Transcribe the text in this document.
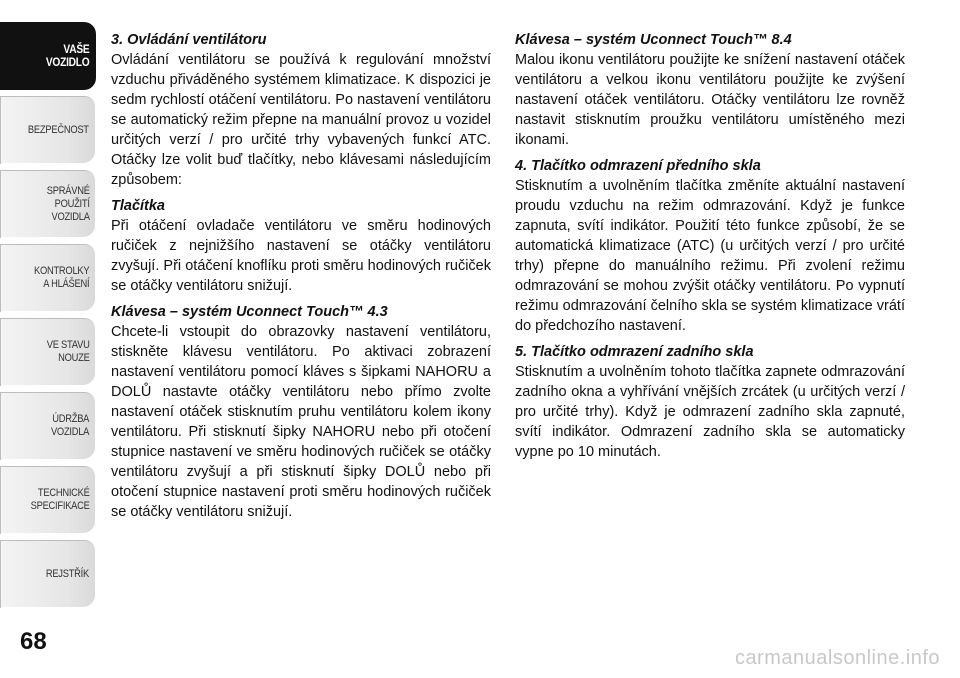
VAŠE
VOZIDLO
BEZPEČNOST
SPRÁVNÉ
POUŽITÍ
VOZIDLA
KONTROLKY
A HLÁŠENÍ
VE STAVU
NOUZE
ÚDRŽBA
VOZIDLA
TECHNICKÉ
SPECIFIKACE
REJSTŘÍK
68

3. Ovládání ventilátoru

Ovládání ventilátoru se používá k regulování množství vzduchu přiváděného systémem klimatizace. K dispozici je sedm rychlostí otáčení ventilátoru. Po nastavení ventilátoru se automatický režim přepne na manuální provoz u vozidel určitých verzí / pro určité trhy vybavených funkcí ATC. Otáčky lze volit buď tlačítky, nebo klávesami následujícím způsobem:

Tlačítka

Při otáčení ovladače ventilátoru ve směru hodinových ručiček z nejnižšího nastavení se otáčky ventilátoru zvyšují. Při otáčení knoflíku proti směru hodinových ručiček se otáčky ventilátoru snižují.

Klávesa – systém Uconnect Touch™ 4.3

Chcete-li vstoupit do obrazovky nastavení ventilátoru, stiskněte klávesu ventilátoru. Po aktivaci zobrazení nastavení ventilátoru pomocí kláves s šipkami NAHORU a DOLŮ nastavte otáčky ventilátoru nebo přímo zvolte nastavení otáček stisknutím pruhu ventilátoru kolem ikony ventilátoru. Při stisknutí šipky NAHORU nebo při otočení stupnice nastavení ve směru hodinových ručiček se otáčky ventilátoru zvyšují a při stisknutí šipky DOLŮ nebo při otočení stupnice nastavení proti směru hodinových ručiček se otáčky ventilátoru snižují.

Klávesa – systém Uconnect Touch™ 8.4

Malou ikonu ventilátoru použijte ke snížení nastavení otáček ventilátoru a velkou ikonu ventilátoru použijte ke zvýšení nastavení otáček ventilátoru. Otáčky ventilátoru lze rovněž nastavit stisknutím proužku ventilátoru umístěného mezi ikonami.

4. Tlačítko odmrazení předního skla

Stisknutím a uvolněním tlačítka změníte aktuální nastavení proudu vzduchu na režim odmrazování. Když je funkce zapnuta, svítí indikátor. Použití této funkce způsobí, že se automatická klimatizace (ATC) (u určitých verzí / pro určité trhy) přepne do manuálního režimu. Při zvolení režimu odmrazování se mohou zvýšit otáčky ventilátoru. Po vypnutí režimu odmrazování čelního skla se systém klimatizace vrátí do předchozího nastavení.

5. Tlačítko odmrazení zadního skla

Stisknutím a uvolněním tohoto tlačítka zapnete odmrazování zadního okna a vyhřívání vnějších zrcátek (u určitých verzí / pro určité trhy). Když je odmrazení zadního skla zapnuté, svítí indikátor. Odmrazení zadního skla se automaticky vypne po 10 minutách.

carmanualsonline.info
